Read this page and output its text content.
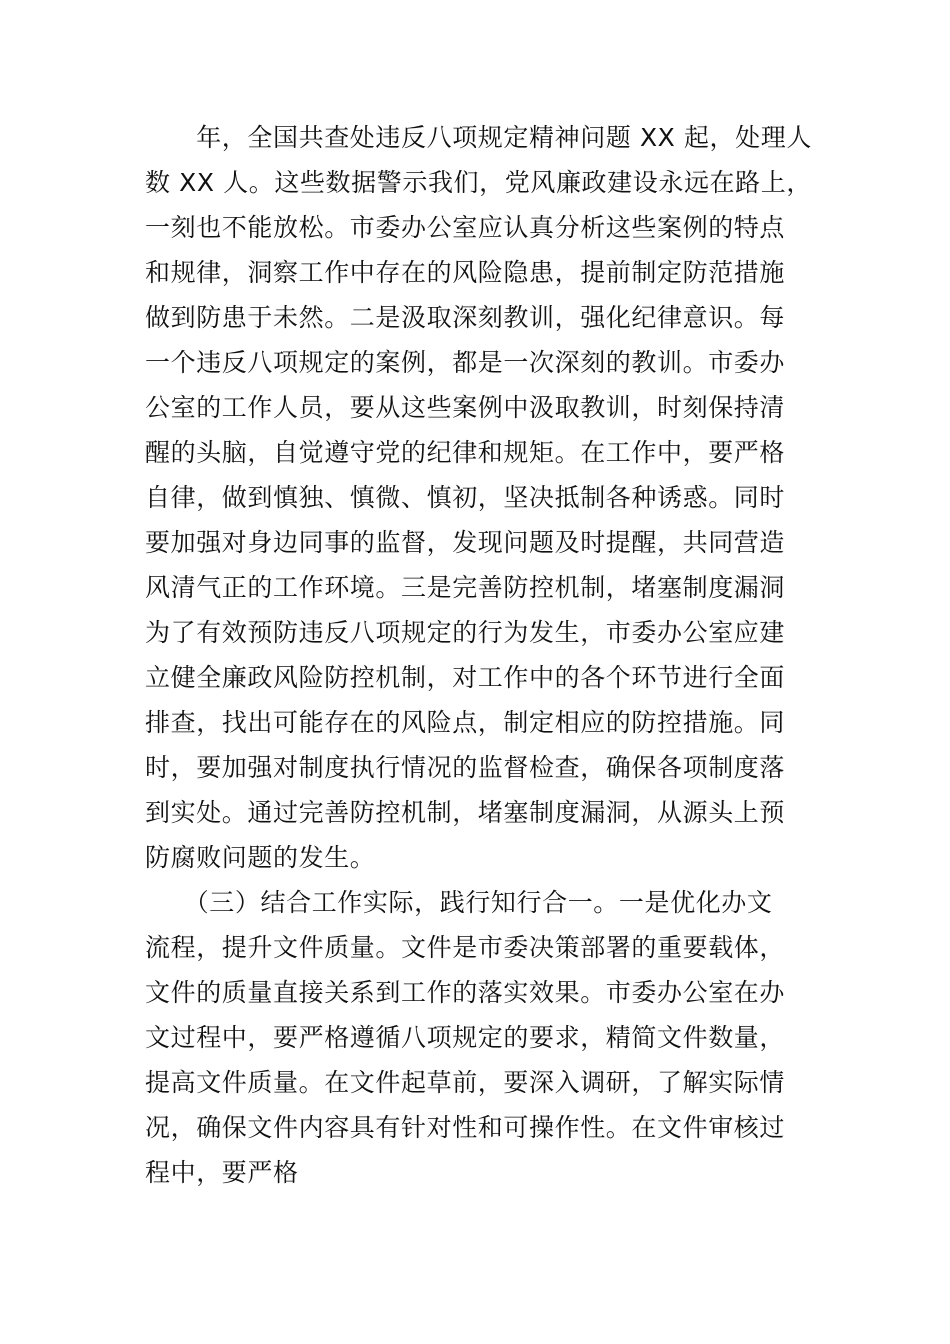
　　年，全国共查处违反八项规定精神问题 XX 起，处理人
数 XX 人。这些数据警示我们，党风廉政建设永远在路上，
一刻也不能放松。市委办公室应认真分析这些案例的特点
和规律，洞察工作中存在的风险隐患，提前制定防范措施
做到防患于未然。二是汲取深刻教训，强化纪律意识。每
一个违反八项规定的案例，都是一次深刻的教训。市委办
公室的工作人员，要从这些案例中汲取教训，时刻保持清
醒的头脑，自觉遵守党的纪律和规矩。在工作中，要严格
自律，做到慎独、慎微、慎初，坚决抵制各种诱惑。同时
要加强对身边同事的监督，发现问题及时提醒，共同营造
风清气正的工作环境。三是完善防控机制，堵塞制度漏洞
为了有效预防违反八项规定的行为发生，市委办公室应建
立健全廉政风险防控机制，对工作中的各个环节进行全面
排查，找出可能存在的风险点，制定相应的防控措施。同
时，要加强对制度执行情况的监督检查，确保各项制度落
到实处。通过完善防控机制，堵塞制度漏洞，从源头上预
防腐败问题的发生。
　　（三）结合工作实际，践行知行合一。一是优化办文
流程，提升文件质量。文件是市委决策部署的重要载体，
文件的质量直接关系到工作的落实效果。市委办公室在办
文过程中，要严格遵循八项规定的要求，精简文件数量，
提高文件质量。在文件起草前，要深入调研，了解实际情
况，确保文件内容具有针对性和可操作性。在文件审核过
程中，要严格
